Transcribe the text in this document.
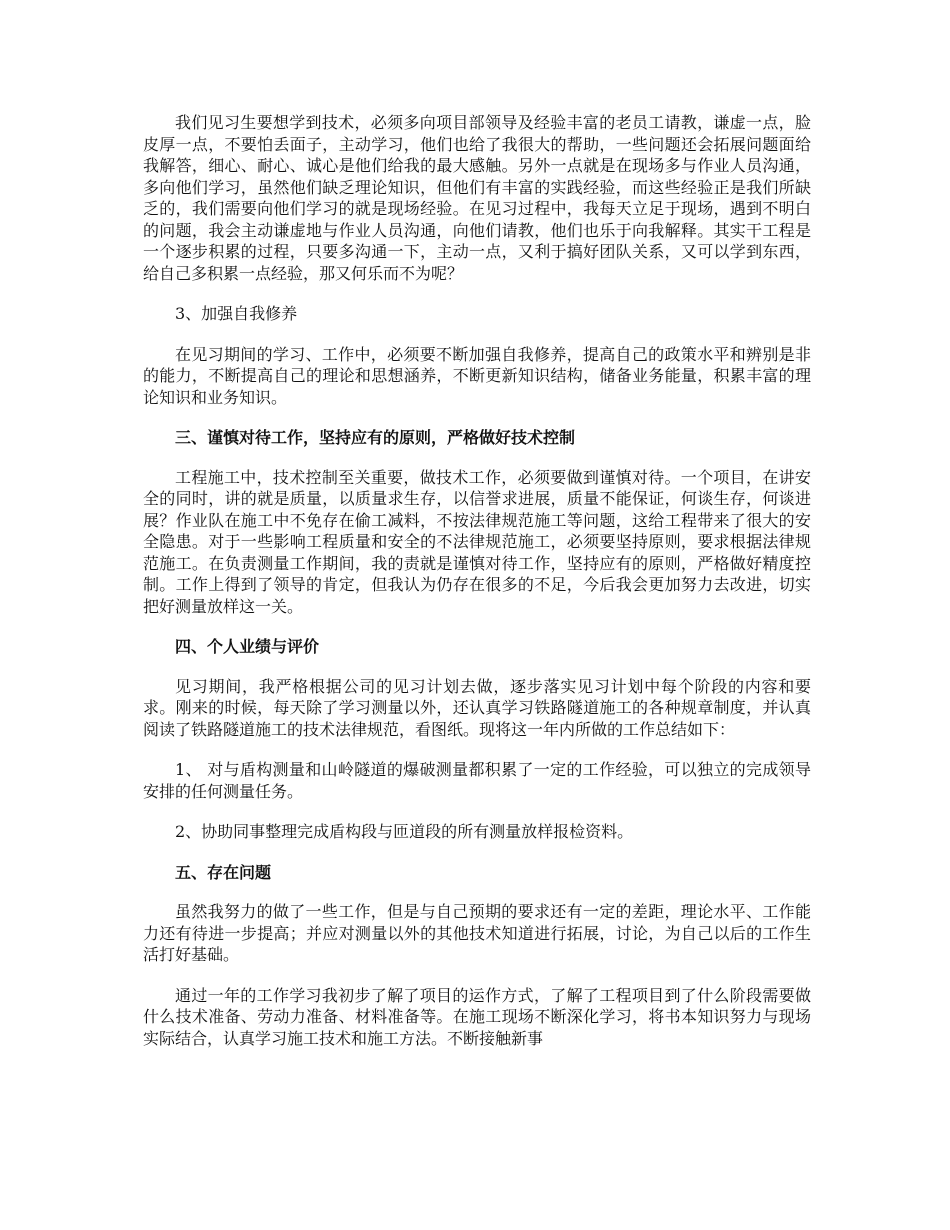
我们见习生要想学到技术，必须多向项目部领导及经验丰富的老员工请教，谦虚一点，脸皮厚一点，不要怕丢面子，主动学习，他们也给了我很大的帮助，一些问题还会拓展问题面给我解答，细心、耐心、诚心是他们给我的最大感触。另外一点就是在现场多与作业人员沟通，多向他们学习，虽然他们缺乏理论知识，但他们有丰富的实践经验，而这些经验正是我们所缺乏的，我们需要向他们学习的就是现场经验。在见习过程中，我每天立足于现场，遇到不明白的问题，我会主动谦虚地与作业人员沟通，向他们请教，他们也乐于向我解释。其实干工程是一个逐步积累的过程，只要多沟通一下，主动一点，又利于搞好团队关系，又可以学到东西，给自己多积累一点经验，那又何乐而不为呢？

3、加强自我修养

在见习期间的学习、工作中，必须要不断加强自我修养，提高自己的政策水平和辨别是非的能力，不断提高自己的理论和思想涵养，不断更新知识结构，储备业务能量，积累丰富的理论知识和业务知识。

三、谨慎对待工作，坚持应有的原则，严格做好技术控制

工程施工中，技术控制至关重要，做技术工作，必须要做到谨慎对待。一个项目，在讲安全的同时，讲的就是质量，以质量求生存，以信誉求进展，质量不能保证，何谈生存，何谈进展？作业队在施工中不免存在偷工减料，不按法律规范施工等问题，这给工程带来了很大的安全隐患。对于一些影响工程质量和安全的不法律规范施工，必须要坚持原则，要求根据法律规范施工。在负责测量工作期间，我的责就是谨慎对待工作，坚持应有的原则，严格做好精度控制。工作上得到了领导的肯定，但我认为仍存在很多的不足，今后我会更加努力去改进，切实把好测量放样这一关。

四、个人业绩与评价

见习期间，我严格根据公司的见习计划去做，逐步落实见习计划中每个阶段的内容和要求。刚来的时候，每天除了学习测量以外，还认真学习铁路隧道施工的各种规章制度，并认真阅读了铁路隧道施工的技术法律规范，看图纸。现将这一年内所做的工作总结如下：

1、 对与盾构测量和山岭隧道的爆破测量都积累了一定的工作经验，可以独立的完成领导安排的任何测量任务。

2、协助同事整理完成盾构段与匝道段的所有测量放样报检资料。

五、存在问题

虽然我努力的做了一些工作，但是与自己预期的要求还有一定的差距，理论水平、工作能力还有待进一步提高；并应对测量以外的其他技术知道进行拓展，讨论，为自己以后的工作生活打好基础。

通过一年的工作学习我初步了解了项目的运作方式，了解了工程项目到了什么阶段需要做什么技术准备、劳动力准备、材料准备等。在施工现场不断深化学习，将书本知识努力与现场实际结合，认真学习施工技术和施工方法。不断接触新事
